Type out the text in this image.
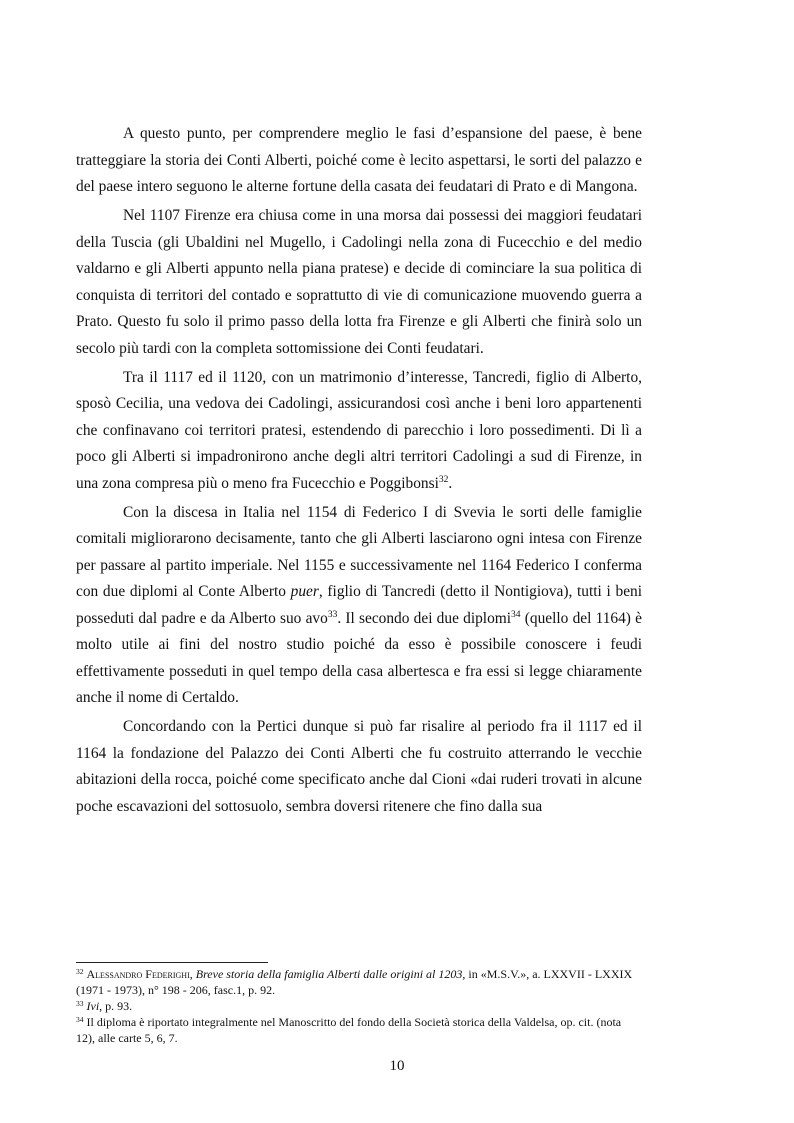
A questo punto, per comprendere meglio le fasi d’espansione del paese, è bene tratteggiare la storia dei Conti Alberti, poiché come è lecito aspettarsi, le sorti del palazzo e del paese intero seguono le alterne fortune della casata dei feudatari di Prato e di Mangona.

Nel 1107 Firenze era chiusa come in una morsa dai possessi dei maggiori feudatari della Tuscia (gli Ubaldini nel Mugello, i Cadolingi nella zona di Fucecchio e del medio valdarno e gli Alberti appunto nella piana pratese) e decide di cominciare la sua politica di conquista di territori del contado e soprattutto di vie di comunicazione muovendo guerra a Prato. Questo fu solo il primo passo della lotta fra Firenze e gli Alberti che finirà solo un secolo più tardi con la completa sottomissione dei Conti feudatari.

Tra il 1117 ed il 1120, con un matrimonio d’interesse, Tancredi, figlio di Alberto, sposò Cecilia, una vedova dei Cadolingi, assicurandosi così anche i beni loro appartenenti che confinavano coi territori pratesi, estendendo di parecchio i loro possedimenti. Di lì a poco gli Alberti si impadronirono anche degli altri territori Cadolingi a sud di Firenze, in una zona compresa più o meno fra Fucecchio e Poggibonsi$^{32}$.

Con la discesa in Italia nel 1154 di Federico I di Svevia le sorti delle famiglie comitali migliorarono decisamente, tanto che gli Alberti lasciarono ogni intesa con Firenze per passare al partito imperiale. Nel 1155 e successivamente nel 1164 Federico I conferma con due diplomi al Conte Alberto puer, figlio di Tancredi (detto il Nontigiova), tutti i beni posseduti dal padre e da Alberto suo avo$^{33}$. Il secondo dei due diplomi$^{34}$ (quello del 1164) è molto utile ai fini del nostro studio poiché da esso è possibile conoscere i feudi effettivamente posseduti in quel tempo della casa albertesca e fra essi si legge chiaramente anche il nome di Certaldo.

Concordando con la Pertici dunque si può far risalire al periodo fra il 1117 ed il 1164 la fondazione del Palazzo dei Conti Alberti che fu costruito atterrando le vecchie abitazioni della rocca, poiché come specificato anche dal Cioni «dai ruderi trovati in alcune poche escavazioni del sottosuolo, sembra doversi ritenere che fino dalla sua

$^{32}$ Alessandro Federighi, Breve storia della famiglia Alberti dalle origini al 1203, in «M.S.V.», a. LXXVII - LXXIX (1971 - 1973), n° 198 - 206, fasc.1, p. 92.

$^{33}$ Ivi, p. 93.

$^{34}$ Il diploma è riportato integralmente nel Manoscritto del fondo della Società storica della Valdelsa, op. cit. (nota 12), alle carte 5, 6, 7.

10
